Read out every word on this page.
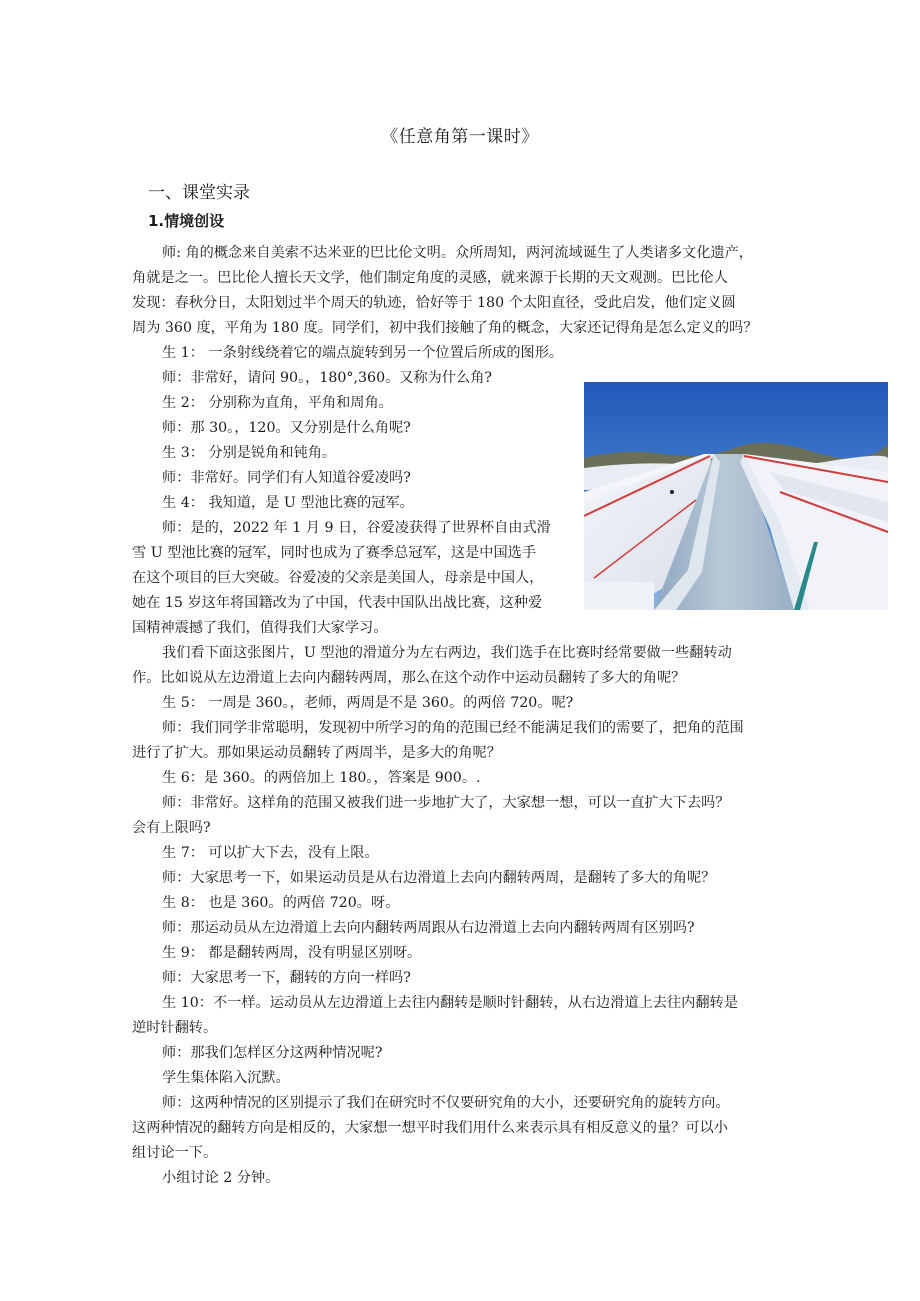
《任意角第一课时》
一、课堂实录
1.情境创设
师: 角的概念来自美索不达米亚的巴比伦文明。众所周知，两河流域诞生了人类诸多文化遗产，
角就是之一。巴比伦人擅长天文学，他们制定角度的灵感，就来源于长期的天文观测。巴比伦人
发现：春秋分日，太阳划过半个周天的轨迹，恰好等于 180 个太阳直径，受此启发，他们定义圆
周为 360 度，平角为 180 度。同学们，初中我们接触了角的概念，大家还记得角是怎么定义的吗？
生 1： 一条射线绕着它的端点旋转到另一个位置后所成的图形。
师：非常好，请问 90。，180°,360。又称为什么角?
生 2： 分别称为直角，平角和周角。
师：那 30。，120。又分别是什么角呢?
生 3： 分别是锐角和钝角。
师：非常好。同学们有人知道谷爱凌吗?
生 4： 我知道，是 U 型池比赛的冠军。
师：是的，2022 年 1 月 9 日，谷爱凌获得了世界杯自由式滑
雪 U 型池比赛的冠军，同时也成为了赛季总冠军，这是中国选手
在这个项目的巨大突破。谷爱凌的父亲是美国人，母亲是中国人，
她在 15 岁这年将国籍改为了中国，代表中国队出战比赛，这种爱
国精神震撼了我们，值得我们大家学习。
我们看下面这张图片，U 型池的滑道分为左右两边，我们选手在比赛时经常要做一些翻转动
作。比如说从左边滑道上去向内翻转两周，那么在这个动作中运动员翻转了多大的角呢？
生 5： 一周是 360。，老师，两周是不是 360。的两倍 720。呢?
师：我们同学非常聪明，发现初中所学习的角的范围已经不能满足我们的需要了，把角的范围
进行了扩大。那如果运动员翻转了两周半，是多大的角呢？
生 6：是 360。的两倍加上 180。，答案是 900。.
师：非常好。这样角的范围又被我们进一步地扩大了，大家想一想，可以一直扩大下去吗？
会有上限吗?
生 7： 可以扩大下去，没有上限。
师：大家思考一下，如果运动员是从右边滑道上去向内翻转两周，是翻转了多大的角呢？
生 8： 也是 360。的两倍 720。呀。
师：那运动员从左边滑道上去向内翻转两周跟从右边滑道上去向内翻转两周有区别吗?
生 9： 都是翻转两周，没有明显区别呀。
师：大家思考一下，翻转的方向一样吗?
生 10：不一样。运动员从左边滑道上去往内翻转是顺时针翻转，从右边滑道上去往内翻转是
逆时针翻转。
师：那我们怎样区分这两种情况呢?
学生集体陷入沉默。
师：这两种情况的区别提示了我们在研究时不仅要研究角的大小，还要研究角的旋转方向。
这两种情况的翻转方向是相反的，大家想一想平时我们用什么来表示具有相反意义的量？可以小
组讨论一下。
小组讨论 2 分钟。
